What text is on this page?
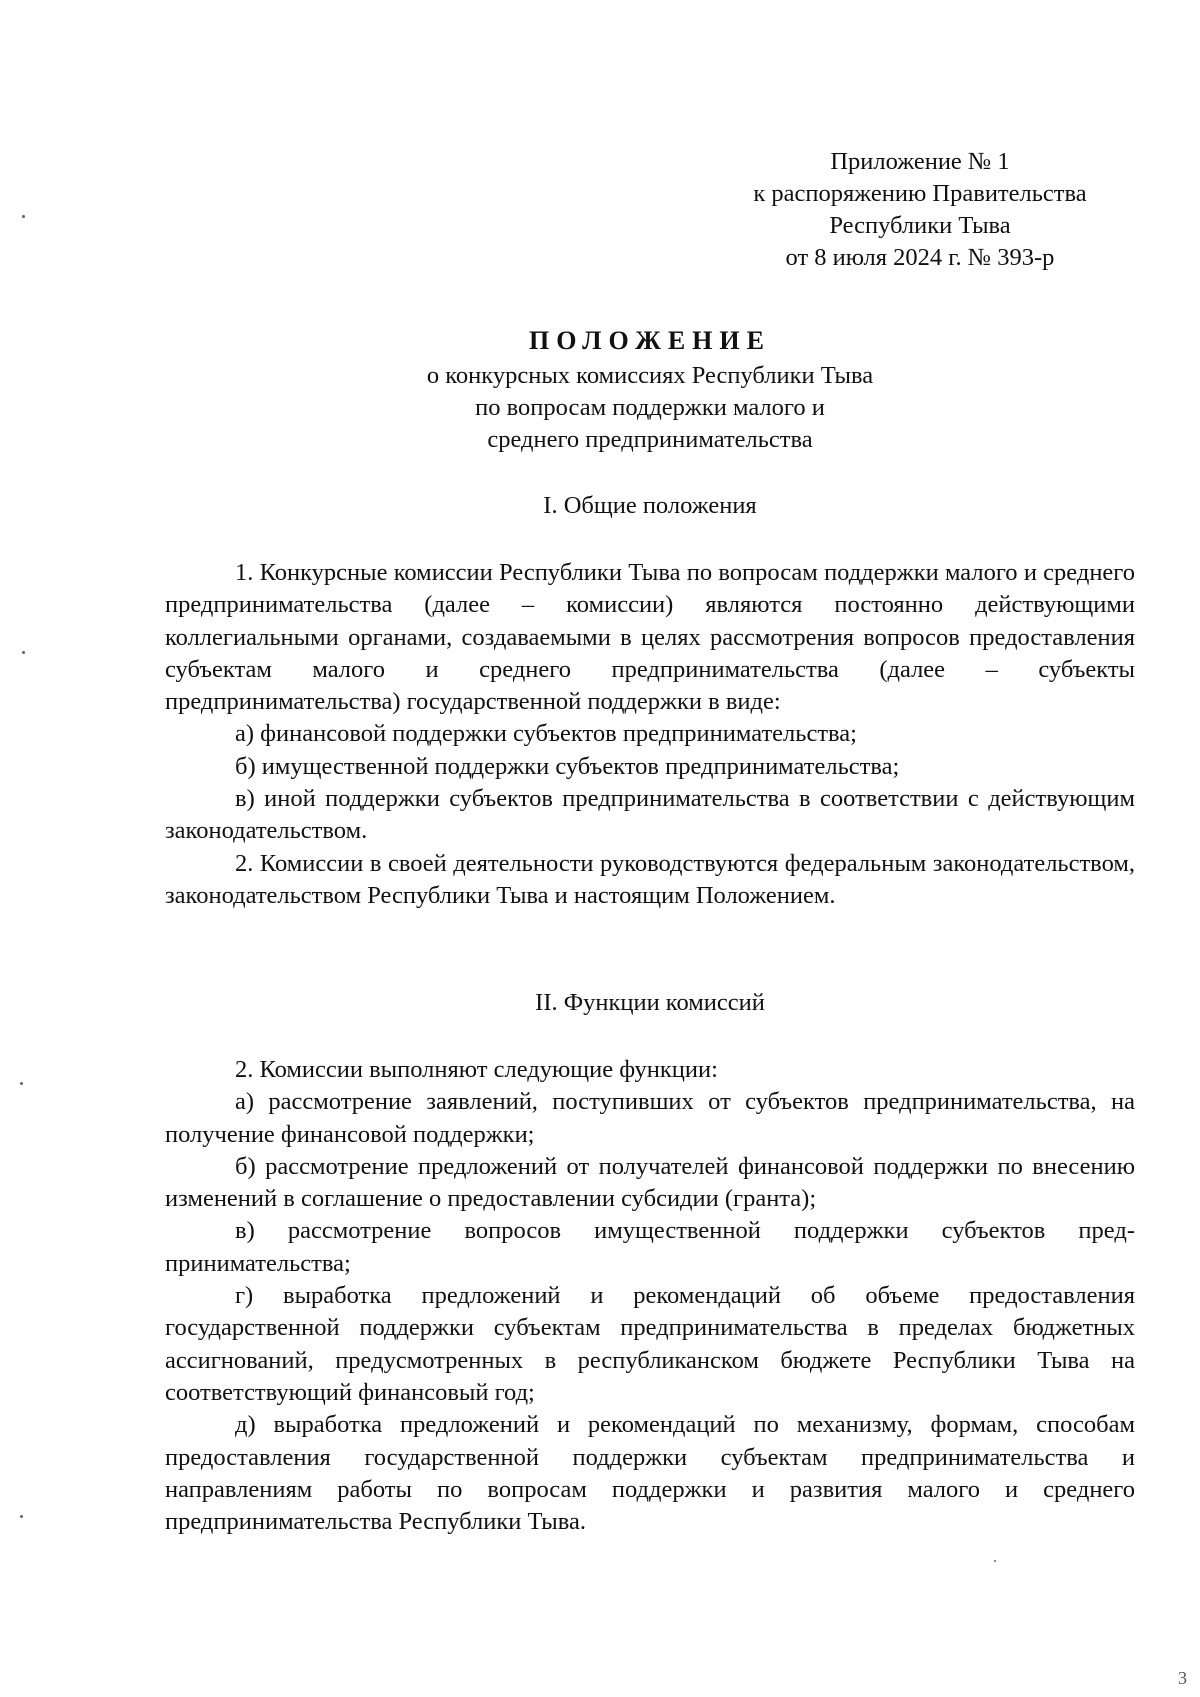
Приложение № 1
к распоряжению Правительства
Республики Тыва
от 8 июля 2024 г. № 393-р
ПОЛОЖЕНИЕ
о конкурсных комиссиях Республики Тыва
по вопросам поддержки малого и
среднего предпринимательства
I. Общие положения

1. Конкурсные комиссии Республики Тыва по вопросам поддержки малого и среднего предпринимательства (далее – комиссии) являются постоянно действующими коллегиальными органами, создаваемыми в целях рассмотрения вопросов предоставления субъектам малого и среднего предпринимательства (далее – субъекты предпринимательства) государственной поддержки в виде:

а) финансовой поддержки субъектов предпринимательства;

б) имущественной поддержки субъектов предпринимательства;

в) иной поддержки субъектов предпринимательства в соответствии с действующим законодательством.

2. Комиссии в своей деятельности руководствуются федеральным законодательством, законодательством Республики Тыва и настоящим Положением.

II. Функции комиссий

2. Комиссии выполняют следующие функции:

а) рассмотрение заявлений, поступивших от субъектов предпринимательства, на получение финансовой поддержки;

б) рассмотрение предложений от получателей финансовой поддержки по внесению изменений в соглашение о предоставлении субсидии (гранта);

в) рассмотрение вопросов имущественной поддержки субъектов предпринимательства;

г) выработка предложений и рекомендаций об объеме предоставления государственной поддержки субъектам предпринимательства в пределах бюджетных ассигнований, предусмотренных в республиканском бюджете Республики Тыва на соответствующий финансовый год;

д) выработка предложений и рекомендаций по механизму, формам, способам предоставления государственной поддержки субъектам предпринимательства и направлениям работы по вопросам поддержки и развития малого и среднего предпринимательства Республики Тыва.

3
